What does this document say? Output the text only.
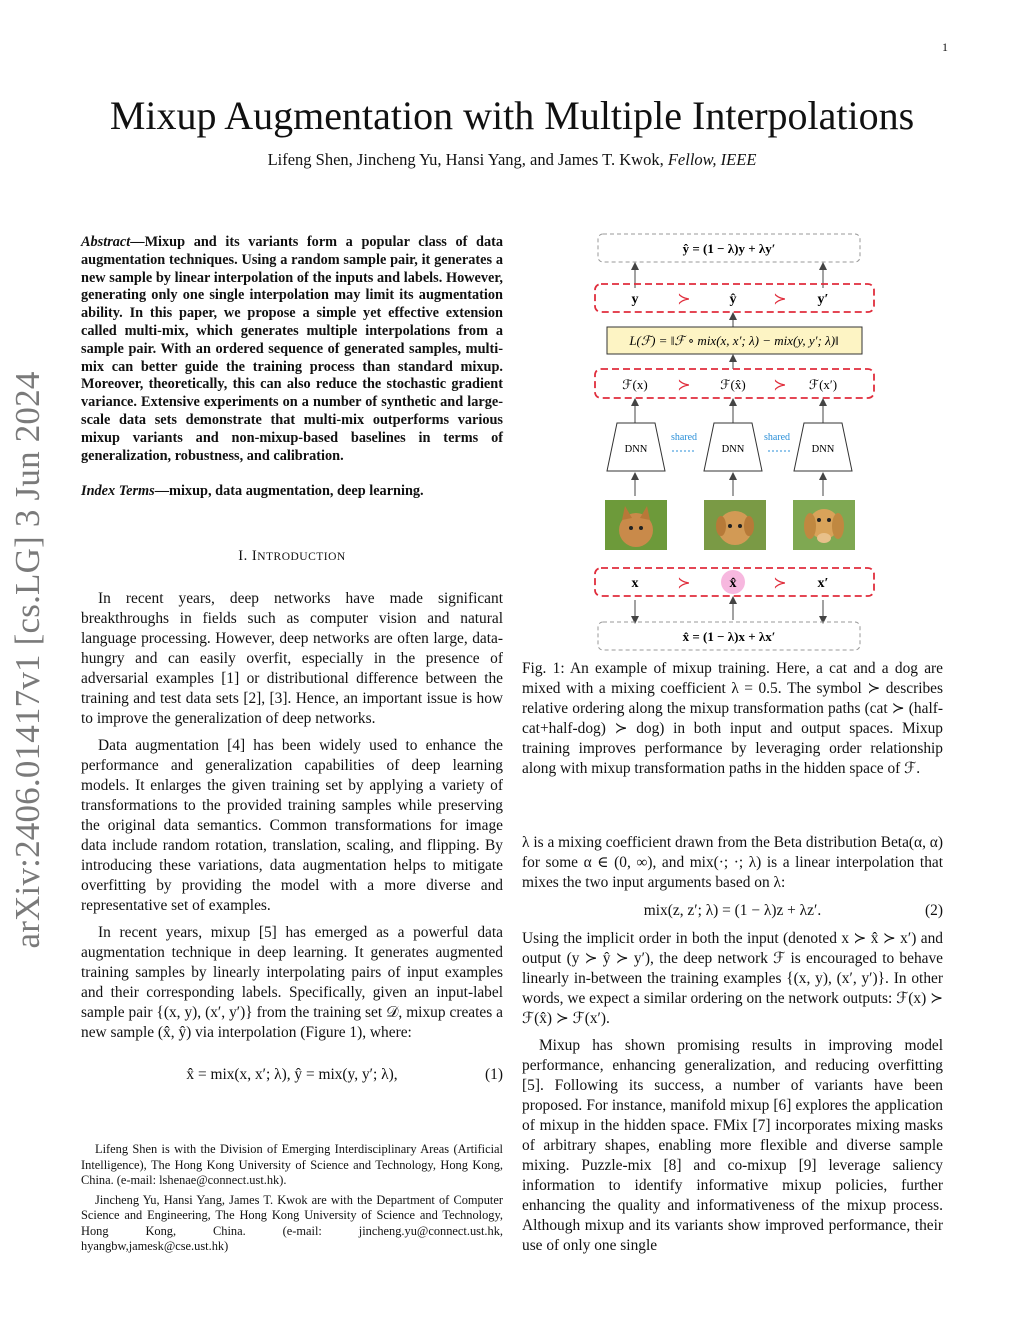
1
Mixup Augmentation with Multiple Interpolations
Lifeng Shen, Jincheng Yu, Hansi Yang, and James T. Kwok, Fellow, IEEE
arXiv:2406.01417v1 [cs.LG] 3 Jun 2024
Abstract—Mixup and its variants form a popular class of data augmentation techniques. Using a random sample pair, it generates a new sample by linear interpolation of the inputs and labels. However, generating only one single interpolation may limit its augmentation ability. In this paper, we propose a simple yet effective extension called multi-mix, which generates multiple interpolations from a sample pair. With an ordered sequence of generated samples, multi-mix can better guide the training process than standard mixup. Moreover, theoretically, this can also reduce the stochastic gradient variance. Extensive experiments on a number of synthetic and large-scale data sets demonstrate that multi-mix outperforms various mixup variants and non-mixup-based baselines in terms of generalization, robustness, and calibration.
Index Terms—mixup, data augmentation, deep learning.
I. INTRODUCTION

In recent years, deep networks have made significant breakthroughs in fields such as computer vision and natural language processing. However, deep networks are often large, data-hungry and can easily overfit, especially in the presence of adversarial examples [1] or distributional difference between the training and test data sets [2], [3]. Hence, an important issue is how to improve the generalization of deep networks.

Data augmentation [4] has been widely used to enhance the performance and generalization capabilities of deep learning models. It enlarges the given training set by applying a variety of transformations to the provided training samples while preserving the original data semantics. Common transformations for image data include random rotation, translation, scaling, and flipping. By introducing these variations, data augmentation helps to mitigate overfitting by providing the model with a more diverse and representative set of examples.

In recent years, mixup [5] has emerged as a powerful data augmentation technique in deep learning. It generates augmented training samples by linearly interpolating pairs of input examples and their corresponding labels. Specifically, given an input-label sample pair {(x, y), (x′, y′)} from the training set 𝒟, mixup creates a new sample (x̂, ŷ) via interpolation (Figure 1), where:

x̂ = mix(x, x′; λ), ŷ = mix(y, y′; λ),	(1)

Lifeng Shen is with the Division of Emerging Interdisciplinary Areas (Artificial Intelligence), The Hong Kong University of Science and Technology, Hong Kong, China. (e-mail: lshenae@connect.ust.hk).

Jincheng Yu, Hansi Yang, James T. Kwok are with the Department of Computer Science and Engineering, The Hong Kong University of Science and Technology, Hong Kong, China. (e-mail: jincheng.yu@connect.ust.hk, hyangbw,jamesk@cse.ust.hk)

ŷ = (1 − λ)y + λy′
y	ŷ	y′
≻	≻
L(ℱ) = ‖ℱ ∘ mix(x, x′; λ) − mix(y, y′; λ)‖
ℱ(x)	ℱ(x̂)	ℱ(x′)
≻	≻
DNN	DNN	DNN
shared	shared
x	x̂	x′
≻	≻
x̂ = (1 − λ)x + λx′
Fig. 1: An example of mixup training. Here, a cat and a dog are mixed with a mixing coefficient λ = 0.5. The symbol ≻ describes relative ordering along the mixup transformation paths (cat ≻ (half-cat+half-dog) ≻ dog) in both input and output spaces. Mixup training improves performance by leveraging order relationship along with mixup transformation paths in the hidden space of ℱ.

λ is a mixing coefficient drawn from the Beta distribution Beta(α, α) for some α ∈ (0, ∞), and mix(·; ·; λ) is a linear interpolation that mixes the two input arguments based on λ:

mix(z, z′; λ) = (1 − λ)z + λz′.	(2)

Using the implicit order in both the input (denoted x ≻ x̂ ≻ x′) and output (y ≻ ŷ ≻ y′), the deep network ℱ is encouraged to behave linearly in-between the training examples {(x, y), (x′, y′)}. In other words, we expect a similar ordering on the network outputs: ℱ(x) ≻ ℱ(x̂) ≻ ℱ(x′).

Mixup has shown promising results in improving model performance, enhancing generalization, and reducing overfitting [5]. Following its success, a number of variants have been proposed. For instance, manifold mixup [6] explores the application of mixup in the hidden space. FMix [7] incorporates mixing masks of arbitrary shapes, enabling more flexible and diverse sample mixing. Puzzle-mix [8] and co-mixup [9] leverage saliency information to identify informative mixup policies, further enhancing the quality and informativeness of the mixup process. Although mixup and its variants show improved performance, their use of only one single
